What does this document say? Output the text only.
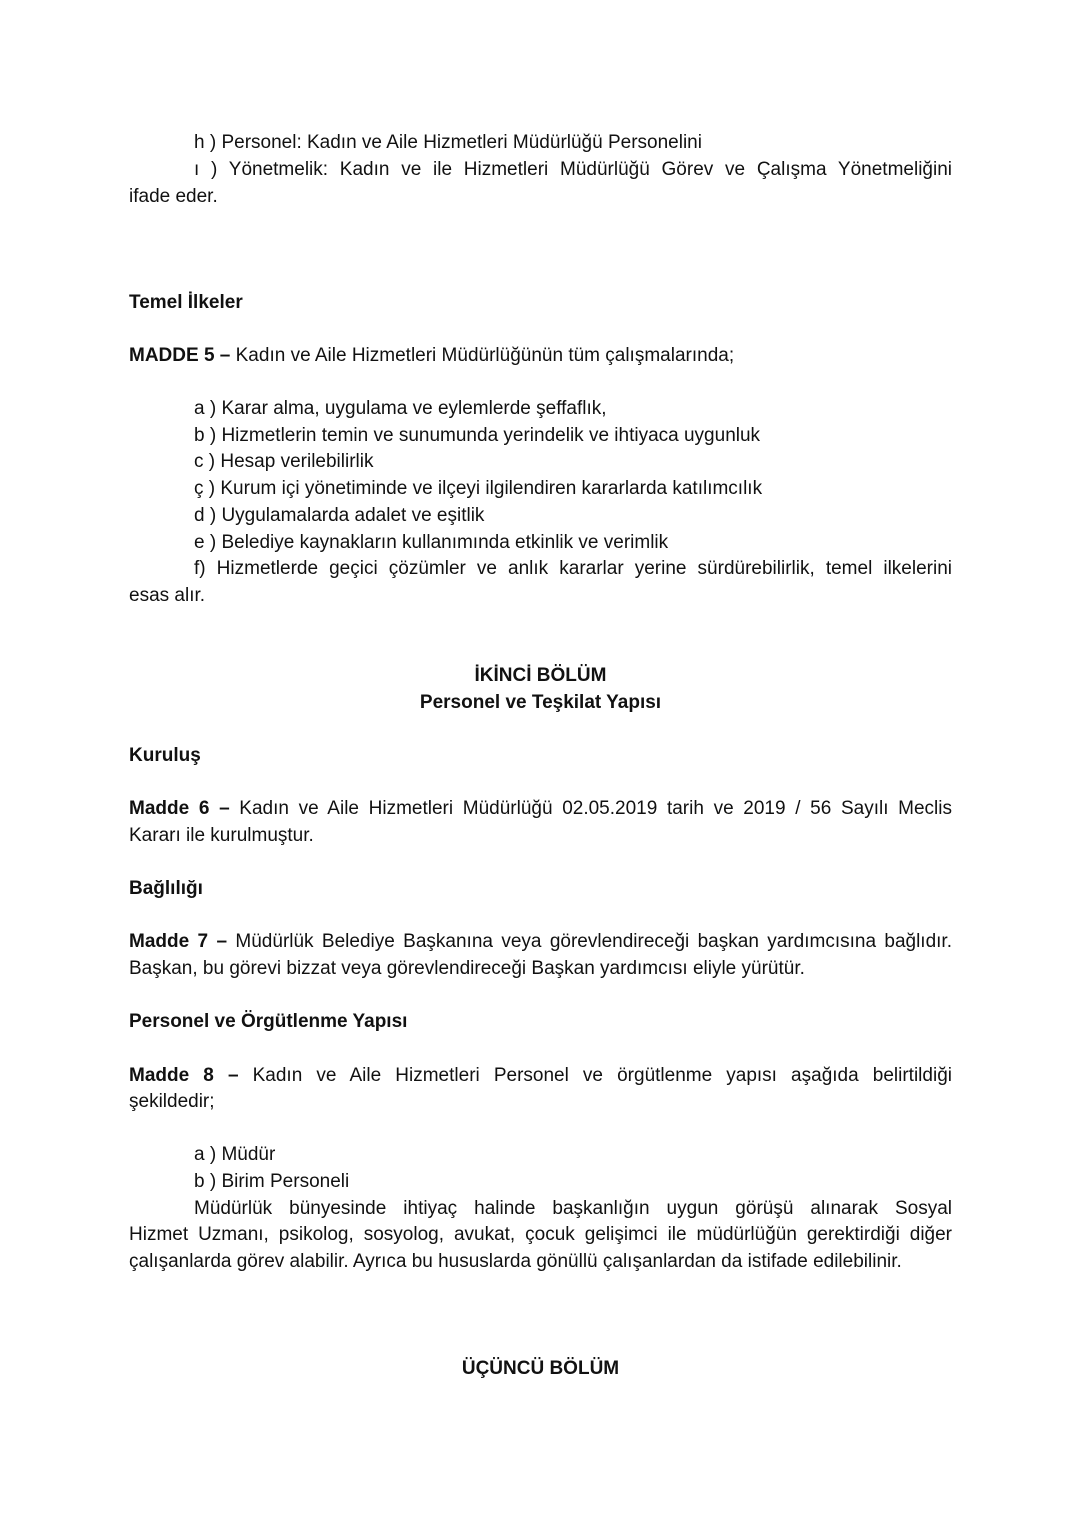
h ) Personel: Kadın ve Aile Hizmetleri Müdürlüğü Personelini
ı ) Yönetmelik: Kadın ve ile Hizmetleri Müdürlüğü Görev ve Çalışma Yönetmeliğini
ifade eder.
Temel İlkeler
MADDE 5 – Kadın ve Aile Hizmetleri Müdürlüğünün tüm çalışmalarında;
a ) Karar alma, uygulama ve eylemlerde şeffaflık,
b ) Hizmetlerin temin ve sunumunda yerindelik ve ihtiyaca uygunluk
c ) Hesap verilebilirlik
ç ) Kurum içi yönetiminde ve ilçeyi ilgilendiren kararlarda katılımcılık
d ) Uygulamalarda adalet ve eşitlik
e ) Belediye kaynakların kullanımında etkinlik ve verimlik
f) Hizmetlerde geçici çözümler ve anlık kararlar yerine sürdürebilirlik, temel ilkelerini
esas alır.
İKİNCİ BÖLÜM
Personel ve Teşkilat Yapısı
Kuruluş
Madde 6 – Kadın ve Aile Hizmetleri Müdürlüğü 02.05.2019 tarih ve 2019 / 56 Sayılı Meclis
Kararı ile kurulmuştur.
Bağlılığı
Madde 7 – Müdürlük Belediye Başkanına veya görevlendireceği başkan yardımcısına bağlıdır.
Başkan, bu görevi bizzat veya görevlendireceği Başkan yardımcısı eliyle yürütür.
Personel ve Örgütlenme Yapısı
Madde 8 – Kadın ve Aile Hizmetleri Personel ve örgütlenme yapısı aşağıda belirtildiği
şekildedir;
a ) Müdür
b ) Birim Personeli
Müdürlük bünyesinde ihtiyaç halinde başkanlığın uygun görüşü alınarak Sosyal
Hizmet Uzmanı, psikolog, sosyolog, avukat, çocuk gelişimci ile müdürlüğün gerektirdiği diğer
çalışanlarda görev alabilir. Ayrıca bu hususlarda gönüllü çalışanlardan da istifade edilebilinir.
ÜÇÜNCÜ BÖLÜM
